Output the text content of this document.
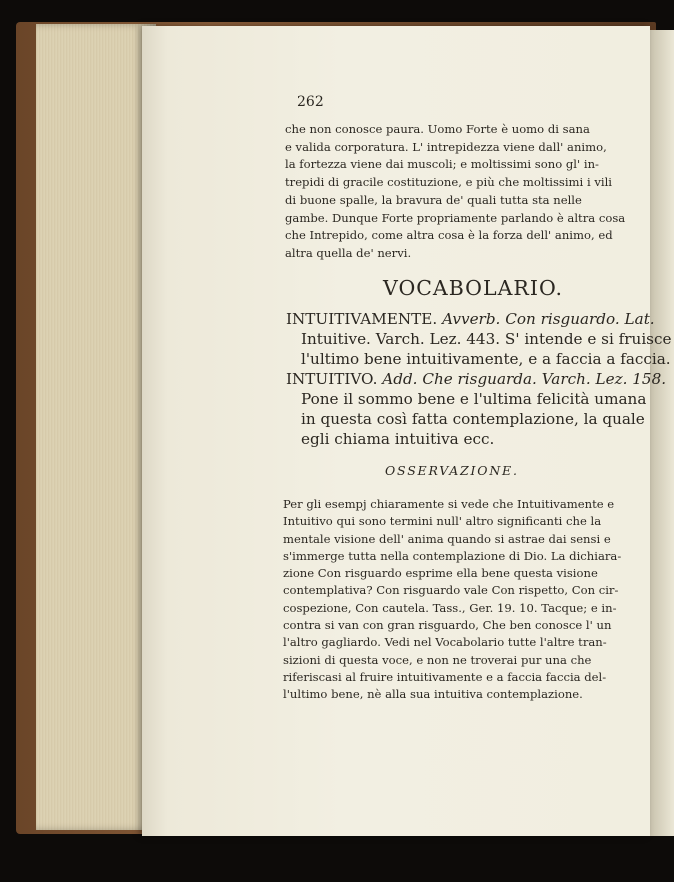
262
che non conosce paura. Uomo Forte è uomo di sana
e valida corporatura. L' intrepidezza viene dall' animo,
la fortezza viene dai muscoli; e moltissimi sono gl' in-
trepidi di gracile costituzione, e più che moltissimi i vili
di buone spalle, la bravura de' quali tutta sta nelle
gambe. Dunque Forte propriamente parlando è altra cosa
che Intrepido, come altra cosa è la forza dell' animo, ed
altra quella de' nervi.
VOCABOLARIO.
INTUITIVAMENTE. Avverb. Con risguardo. Lat.
Intuitive. Varch. Lez. 443. S' intende e si fruisce
l'ultimo bene intuitivamente, e a faccia a faccia.
INTUITIVO. Add. Che risguarda. Varch. Lez. 158.
Pone il sommo bene e l'ultima felicità umana
in questa così fatta contemplazione, la quale
egli chiama intuitiva ecc.
OSSERVAZIONE.
Per gli esempj chiaramente si vede che Intuitivamente e
Intuitivo qui sono termini null' altro significanti che la
mentale visione dell' anima quando si astrae dai sensi e
s'immerge tutta nella contemplazione di Dio. La dichiara-
zione Con risguardo esprime ella bene questa visione
contemplativa? Con risguardo vale Con rispetto, Con cir-
cospezione, Con cautela. Tass., Ger. 19. 10. Tacque; e in-
contra si van con gran risguardo, Che ben conosce l' un
l'altro gagliardo. Vedi nel Vocabolario tutte l'altre tran-
sizioni di questa voce, e non ne troverai pur una che
riferiscasi al fruire intuitivamente e a faccia faccia del-
l'ultimo bene, nè alla sua intuitiva contemplazione.
